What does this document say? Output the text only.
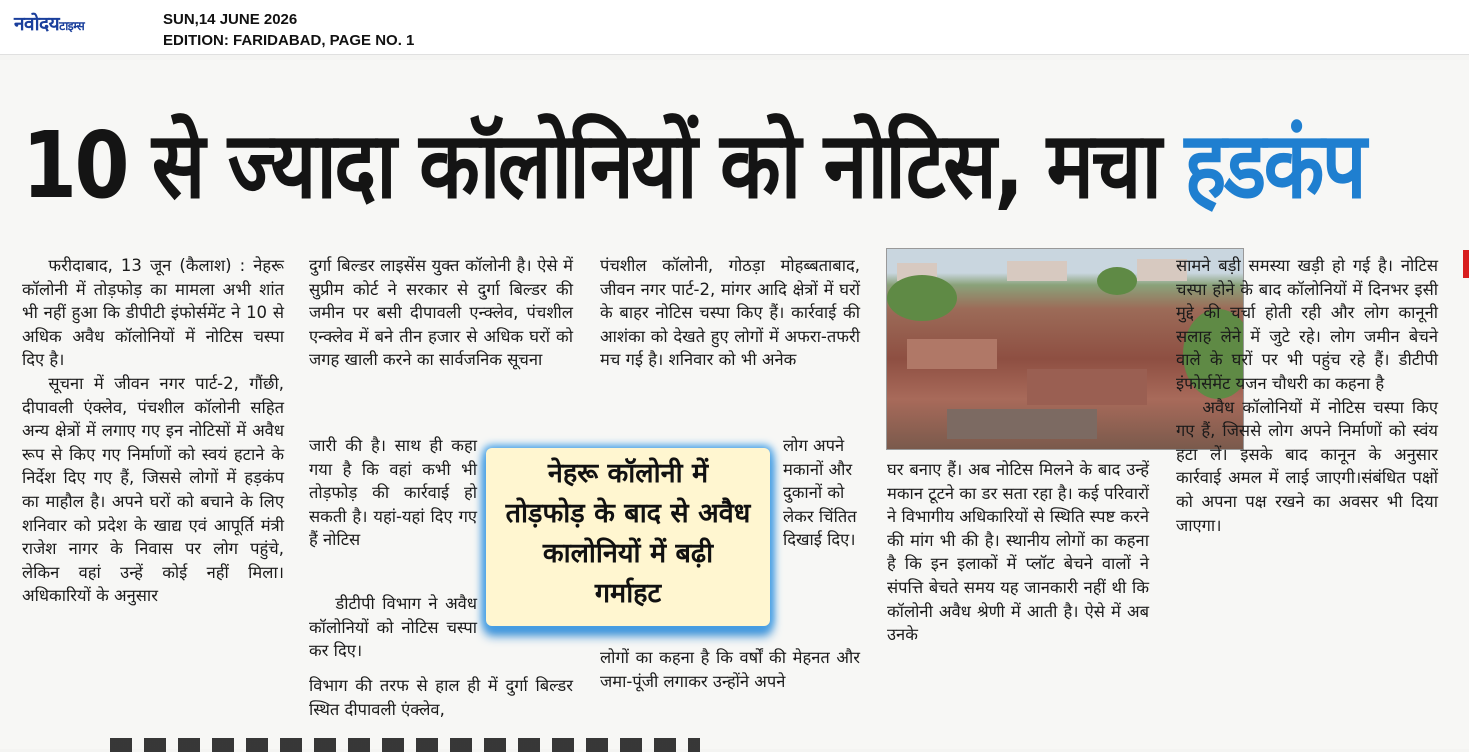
नवोदयटाइम्स	SUN,14 JUNE 2026
EDITION: FARIDABAD, PAGE NO. 1
10 से ज्यादा कॉलोनियों को नोटिस, मचा हडकंप

फरीदाबाद, 13 जून (कैलाश) : नेहरू कॉलोनी में तोड़फोड़ का मामला अभी शांत भी नहीं हुआ कि डीपीटी इंफोर्समेंट ने 10 से अधिक अवैध कॉलोनियों में नोटिस चस्पा दिए है।

सूचना में जीवन नगर पार्ट-2, गौंछी, दीपावली एंक्लेव, पंचशील कॉलोनी सहित अन्य क्षेत्रों में लगाए गए इन नोटिसों में अवैध रूप से किए गए निर्माणों को स्वयं हटाने के निर्देश दिए गए हैं, जिससे लोगों में हड़कंप का माहौल है। अपने घरों को बचाने के लिए शनिवार को प्रदेश के खाद्य एवं आपूर्ति मंत्री राजेश नागर के निवास पर लोग पहुंचे, लेकिन वहां उन्हें कोई नहीं मिला। अधिकारियों के अनुसार

दुर्गा बिल्डर लाइसेंस युक्त कॉलोनी है। ऐसे में सुप्रीम कोर्ट ने सरकार से दुर्गा बिल्डर की जमीन पर बसी दीपावली एन्क्लेव, पंचशील एन्क्लेव में बने तीन हजार से अधिक घरों को जगह खाली करने का सार्वजनिक सूचना

जारी की है। साथ ही कहा गया है कि वहां कभी भी तोड़फोड़ की कार्रवाई हो सकती है। यहां-यहां दिए गए हैं नोटिस

डीटीपी विभाग ने अवैध कॉलोनियों को नोटिस चस्पा कर दिए।

विभाग की तरफ से हाल ही में दुर्गा बिल्डर स्थित दीपावली एंक्लेव,

पंचशील कॉलोनी, गोठड़ा मोहब्बताबाद, जीवन नगर पार्ट-2, मांगर आदि क्षेत्रों में घरों के बाहर नोटिस चस्पा किए हैं। कार्रवाई की आशंका को देखते हुए लोगों में अफरा-तफरी मच गई है। शनिवार को भी अनेक

लोग अपने मकानों और दुकानों को लेकर चिंतित दिखाई दिए।

लोगों का कहना है कि वर्षों की मेहनत और जमा-पूंजी लगाकर उन्होंने अपने

घर बनाए हैं। अब नोटिस मिलने के बाद उन्हें मकान टूटने का डर सता रहा है। कई परिवारों ने विभागीय अधिकारियों से स्थिति स्पष्ट करने की मांग भी की है। स्थानीय लोगों का कहना है कि इन इलाकों में प्लॉट बेचने वालों ने संपत्ति बेचते समय यह जानकारी नहीं थी कि कॉलोनी अवैध श्रेणी में आती है। ऐसे में अब उनके

सामने बड़ी समस्या खड़ी हो गई है। नोटिस चस्पा होने के बाद कॉलोनियों में दिनभर इसी मुद्दे की चर्चा होती रही और लोग कानूनी सलाह लेने में जुटे रहे। लोग जमीन बेचने वाले के घरों पर भी पहुंच रहे हैं। डीटीपी इंफोर्समेंट यजन चौधरी का कहना है

अवैध कॉलोनियों में नोटिस चस्पा किए गए हैं, जिससे लोग अपने निर्माणों को स्वंय हटा लें। इसके बाद कानून के अनुसार कार्रवाई अमल में लाई जाएगी।संबंधित पक्षों को अपना पक्ष रखने का अवसर भी दिया जाएगा।

नेहरू कॉलोनी में
तोड़फोड़ के बाद से अवैध
कालोनियों में बढ़ी
गर्माहट
